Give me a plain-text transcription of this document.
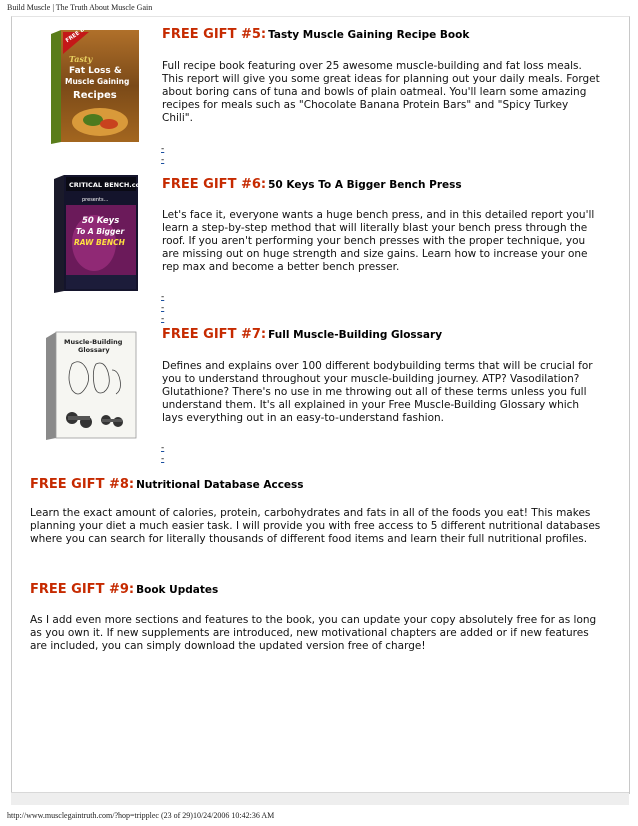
Build Muscle | The Truth About Muscle Gain
FREE
Tasty
Fat Loss &
Muscle Gaining
Recipes
FREE GIFT #5: Tasty Muscle Gaining Recipe Book
Full recipe book featuring over 25 awesome muscle-building and fat loss meals. This report will give you some great ideas for planning out your daily meals. Forget about boring cans of tuna and bowls of plain oatmeal. You'll learn some amazing recipes for meals such as "Chocolate Banana Protein Bars" and "Spicy Turkey Chili".
-
-
CRITICAL BENCH.com
presents...
50 Keys
To A Bigger
RAW BENCH
FREE GIFT #6: 50 Keys To A Bigger Bench Press
Let's face it, everyone wants a huge bench press, and in this detailed report you'll learn a step-by-step method that will literally blast your bench press through the roof. If you aren't performing your bench presses with the proper technique, you are missing out on huge strength and size gains. Learn how to increase your one rep max and become a better bench presser.
-
-
-
Muscle-Building
Glossary
FREE GIFT #7: Full Muscle-Building Glossary
Defines and explains over 100 different bodybuilding terms that will be crucial for you to understand throughout your muscle-building journey. ATP? Vasodilation? Glutathione? There's no use in me throwing out all of these terms unless you full understand them. It's all explained in your Free Muscle-Building Glossary which lays everything out in an easy-to-understand fashion.
-
-
FREE GIFT #8: Nutritional Database Access
Learn the exact amount of calories, protein, carbohydrates and fats in all of the foods you eat! This makes planning your diet a much easier task. I will provide you with free access to 5 different nutritional databases where you can search for literally thousands of different food items and learn their full nutritional profiles.
FREE GIFT #9: Book Updates
As I add even more sections and features to the book, you can update your copy absolutely free for as long as you own it. If new supplements are introduced, new motivational chapters are added or if new features are included, you can simply download the updated version free of charge!
http://www.musclegaintruth.com/?hop=tripplec (23 of 29)10/24/2006 10:42:36 AM
